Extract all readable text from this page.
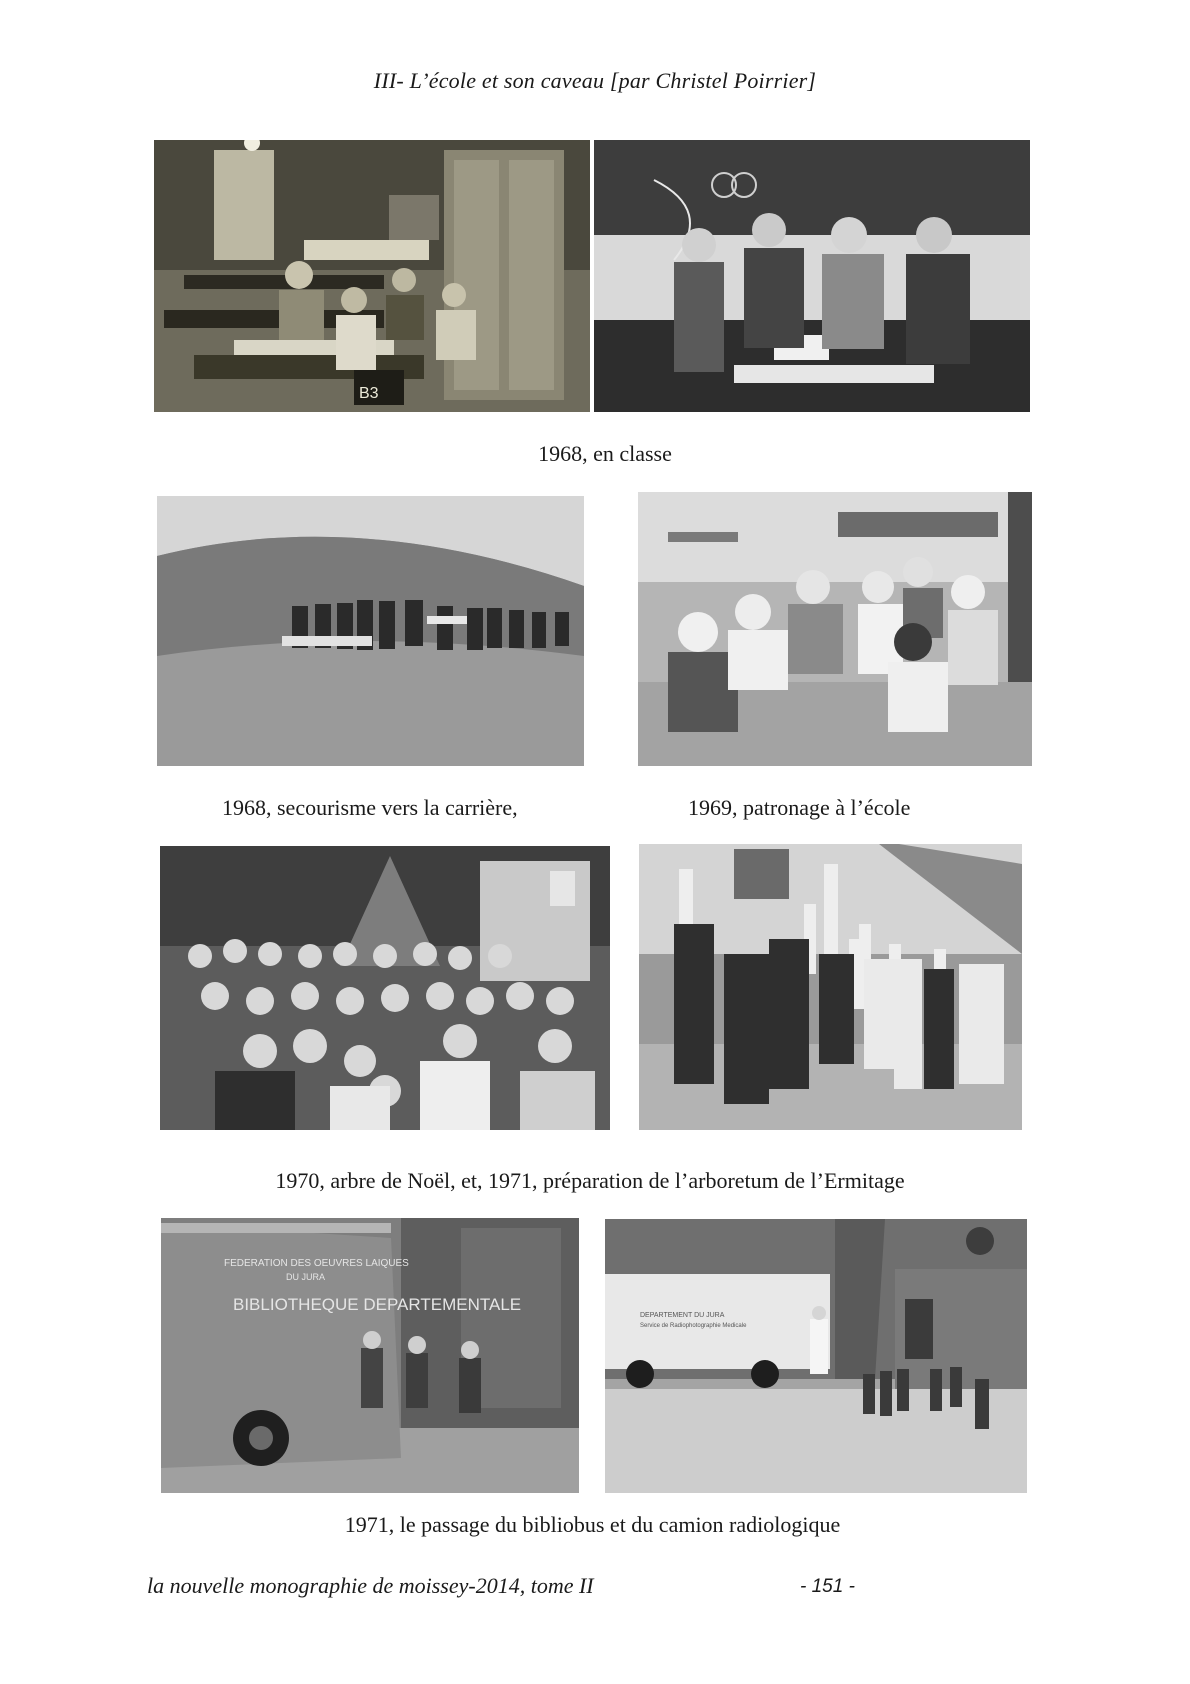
III- L’école et son caveau [par Christel Poirrier]
B3
1968, en classe
1968, secourisme vers la carrière,	1969, patronage à l’école
1970, arbre de Noël, et, 1971, préparation de l’arboretum de l’Ermitage
FEDERATION DES OEUVRES LAIQUES
DU JURA
BIBLIOTHEQUE DEPARTEMENTALE
DEPARTEMENT DU JURA
Service de Radiophotographie Medicale
1971, le passage du bibliobus et du camion radiologique
la nouvelle monographie de moissey-2014, tome II	- 151 -
